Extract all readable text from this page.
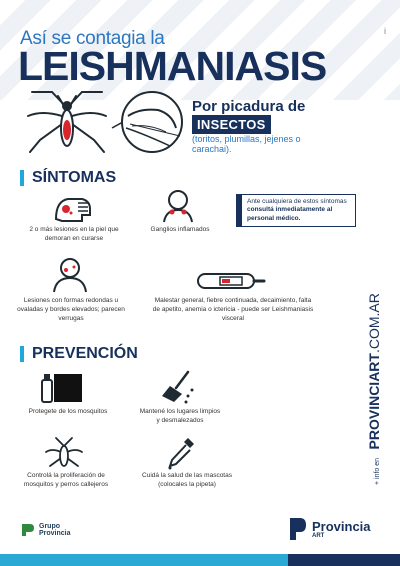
i
Así se contagia la
LEISHMANIASIS
Por picadura de
INSECTOS
(toritos, plumillas, jejenes o carachai).
SÍNTOMAS
2 o más lesiones en la piel que demoran en curarse
Ganglios inflamados
Ante cualquiera de estos síntomas consultá inmediatamente al personal médico.
Lesiones con formas redondas u ovaladas y bordes elevados; parecen verrugas
Malestar general, fiebre continuada, decaimiento, falta de apetito, anemia o ictericia - puede ser Leishmaniasis visceral
PREVENCIÓN
Protegete de los mosquitos	Mantené los lugares limpios y desmalezados
Controlá la proliferación de mosquitos y perros callejeros
Cuidá la salud de las mascotas (colocales la pipeta)	+ info en PROVINCIART.COM.AR
Grupo
Provincia	Provincia
ART
